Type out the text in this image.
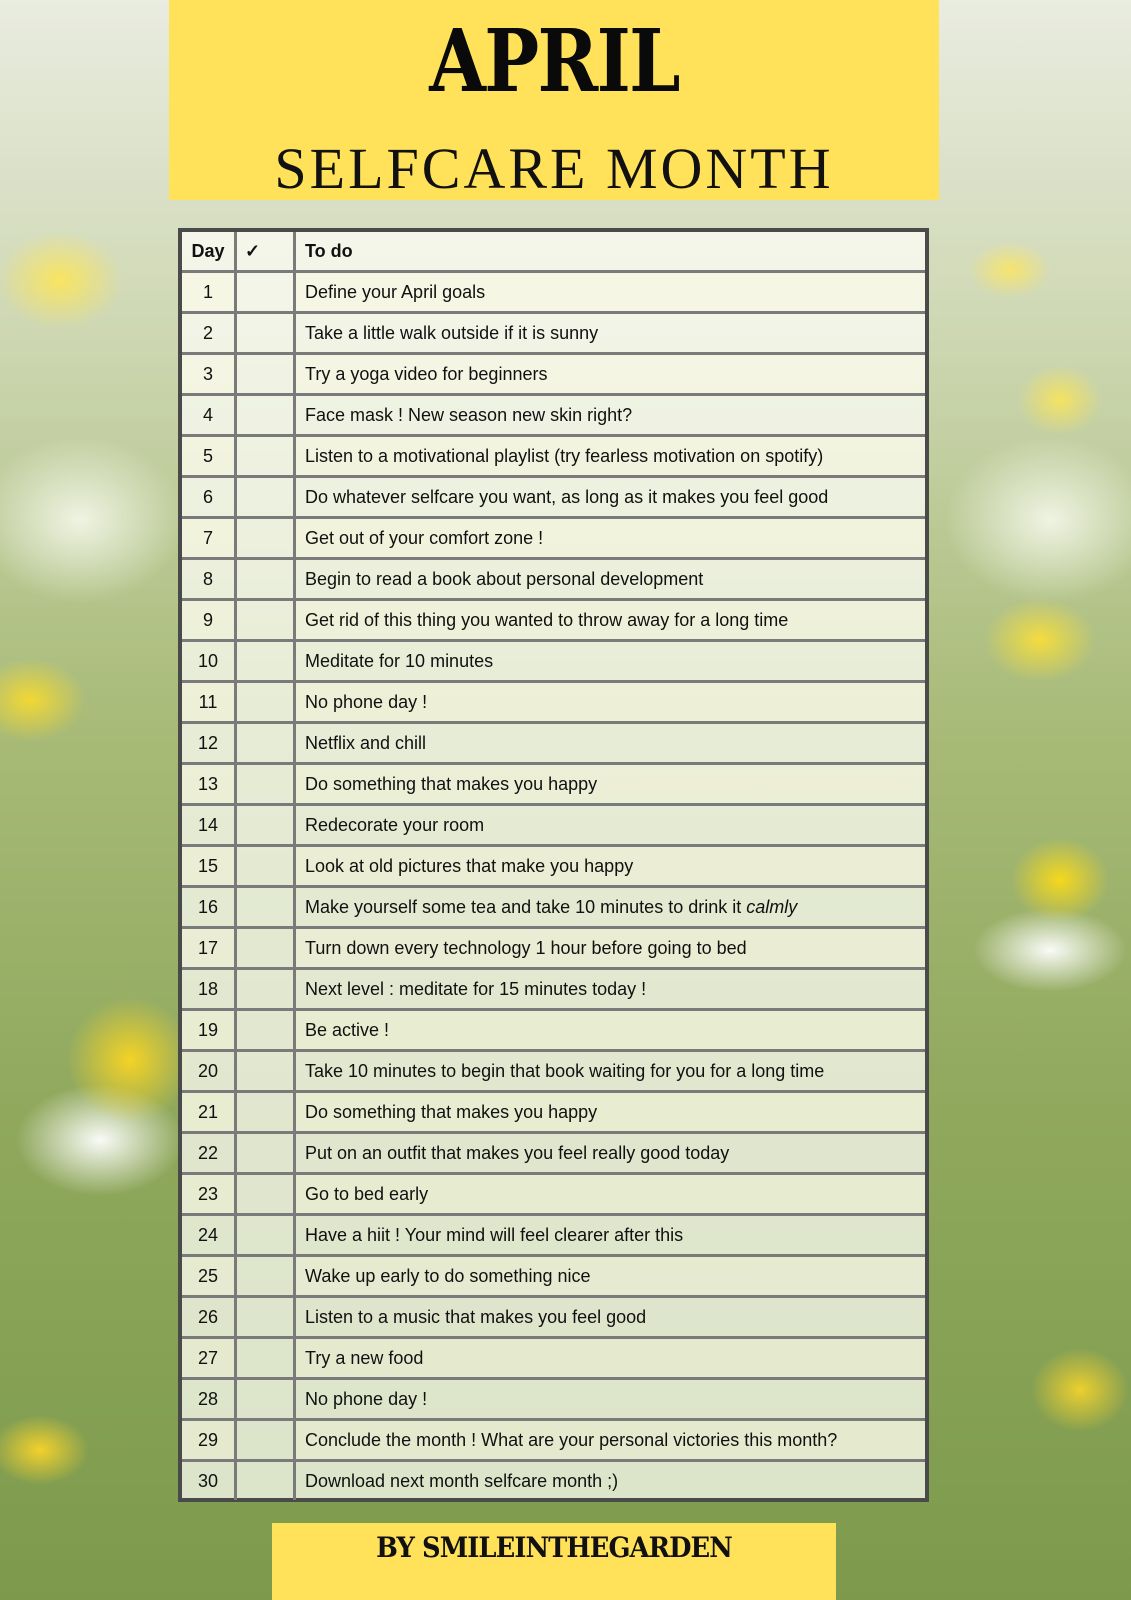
APRIL
SELFCARE MONTH
Day	✓	To do
1		Define your April goals
2		Take a little walk outside if it is sunny
3		Try a yoga video for beginners
4		Face mask ! New season new skin right?
5		Listen to a motivational playlist (try fearless motivation on spotify)
6		Do whatever selfcare you want, as long as it makes you feel good
7		Get out of your comfort zone !
8		Begin to read a book about personal development
9		Get rid of this thing you wanted to throw away for a long time
10		Meditate for 10 minutes
11		No phone day !
12		Netflix and chill
13		Do something that makes you happy
14		Redecorate your room
15		Look at old pictures that make you happy
16		Make yourself some tea and take 10 minutes to drink it calmly
17		Turn down every technology 1 hour before going to bed
18		Next level : meditate for 15 minutes today !
19		Be active !
20		Take 10 minutes to begin that book waiting for you for a long time
21		Do something that makes you happy
22		Put on an outfit that makes you feel really good today
23		Go to bed early
24		Have a hiit ! Your mind will feel clearer after this
25		Wake up early to do something nice
26		Listen to a music that makes you feel good
27		Try a new food
28		No phone day !
29		Conclude the month ! What are your personal victories this month?
30		Download next month selfcare month ;)
BY SMILEINTHEGARDEN
